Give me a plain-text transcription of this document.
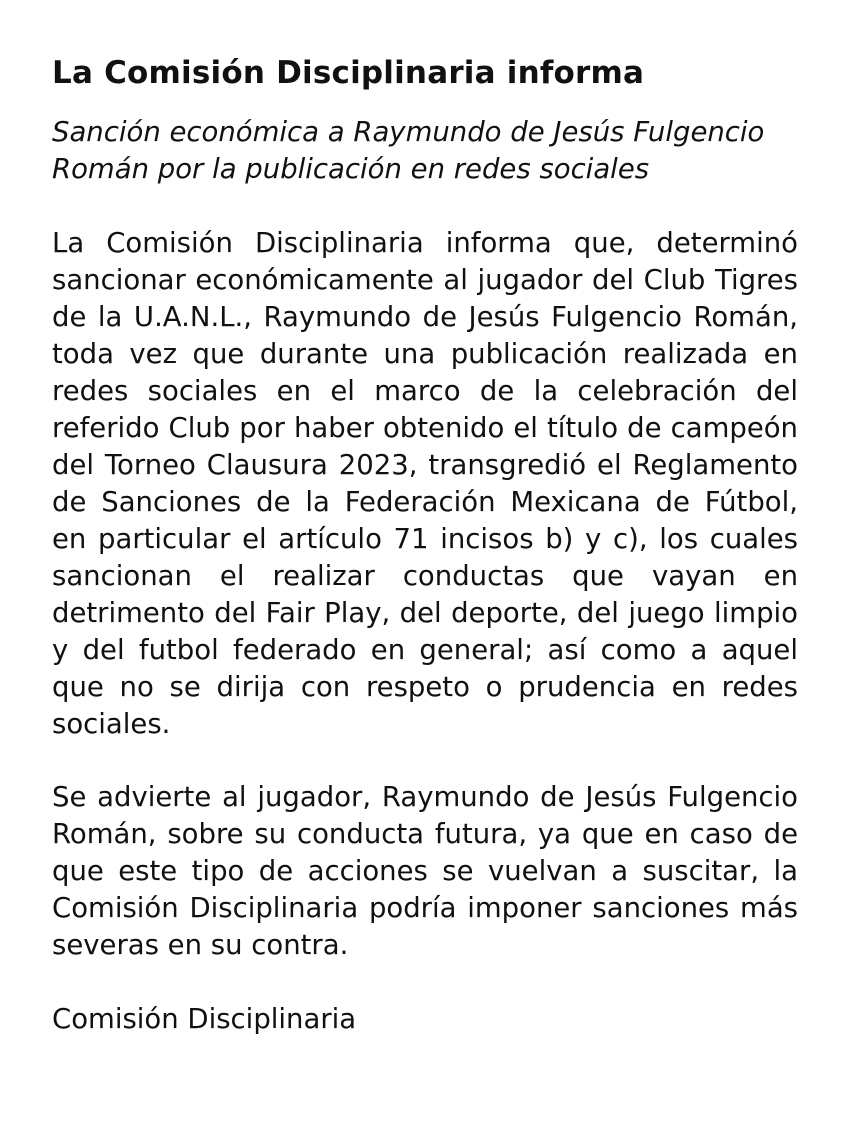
La Comisión Disciplinaria informa

Sanción económica a Raymundo de Jesús Fulgencio Román por la publicación en redes sociales

La Comisión Disciplinaria informa que, determinó sancionar económicamente al jugador del Club Tigres de la U.A.N.L., Raymundo de Jesús Fulgencio Román, toda vez que durante una publicación realizada en redes sociales en el marco de la celebración del referido Club por haber obtenido el título de campeón del Torneo Clausura 2023, transgredió el Reglamento de Sanciones de la Federación Mexicana de Fútbol, en particular el artículo 71 incisos b) y c), los cuales sancionan el realizar conductas que vayan en detrimento del Fair Play, del deporte, del juego limpio y del futbol federado en general; así como a aquel que no se dirija con respeto o prudencia en redes sociales.

Se advierte al jugador, Raymundo de Jesús Fulgencio Román, sobre su conducta futura, ya que en caso de que este tipo de acciones se vuelvan a suscitar, la Comisión Disciplinaria podría imponer sanciones más severas en su contra.

Comisión Disciplinaria
